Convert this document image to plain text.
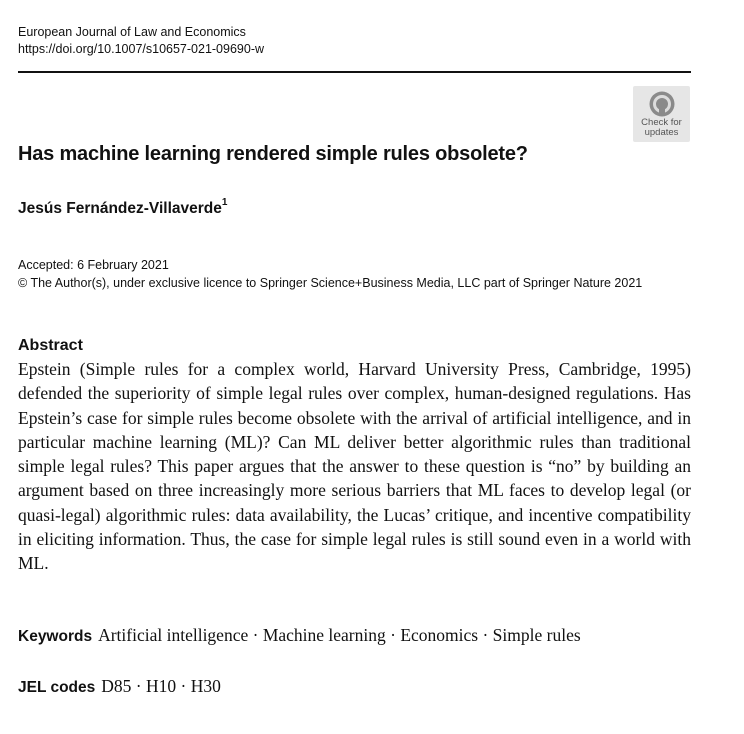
European Journal of Law and Economics
https://doi.org/10.1007/s10657-021-09690-w
Check for
updates
Has machine learning rendered simple rules obsolete?
Jesús Fernández-Villaverde$^1$
Accepted: 6 February 2021
© The Author(s), under exclusive licence to Springer Science+Business Media, LLC part of Springer Nature 2021
Abstract
Epstein (Simple rules for a complex world, Harvard University Press, Cambridge, 1995) defended the superiority of simple legal rules over complex, human-designed regulations. Has Epstein’s case for simple rules become obsolete with the arrival of artificial intelligence, and in particular machine learning (ML)? Can ML deliver better algorithmic rules than traditional simple legal rules? This paper argues that the answer to these question is “no” by building an argument based on three increasingly more serious barriers that ML faces to develop legal (or quasi-legal) algorithmic rules: data availability, the Lucas’ critique, and incentive compatibility in eliciting information. Thus, the case for simple legal rules is still sound even in a world with ML.
Keywords Artificial intelligence · Machine learning · Economics · Simple rules
JEL codes D85 · H10 · H30
